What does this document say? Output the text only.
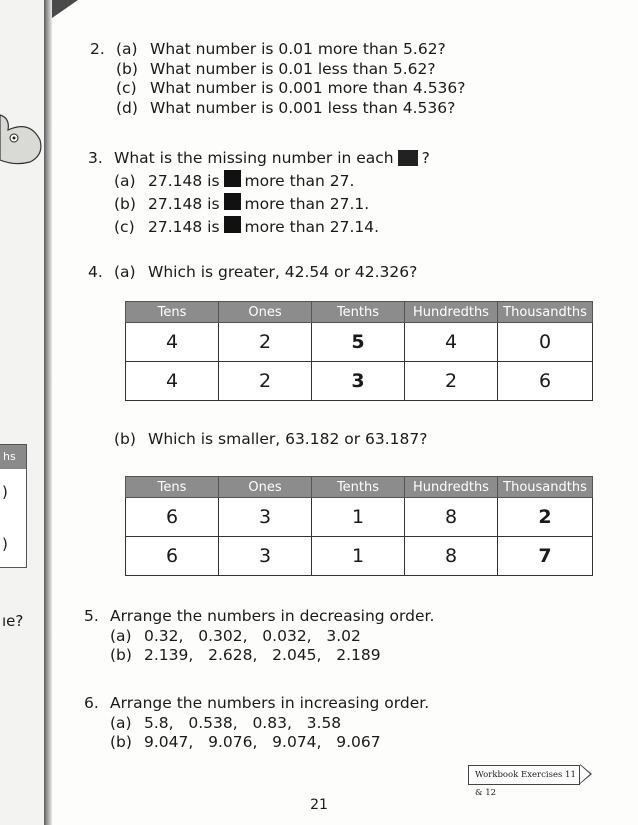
hs
)
)
ıe?
2. (a) What number is 0.01 more than 5.62?
(b) What number is 0.01 less than 5.62?
(c) What number is 0.001 more than 4.536?
(d) What number is 0.001 less than 4.536?
3. What is the missing number in each ?
(a) 27.148 is more than 27.
(b) 27.148 is more than 27.1.
(c) 27.148 is more than 27.14.
4. (a) Which is greater, 42.54 or 42.326?
Tens	Ones	Tenths	Hundredths	Thousandths
4	2	5	4	0
4	2	3	2	6
(b) Which is smaller, 63.182 or 63.187?
Tens	Ones	Tenths	Hundredths	Thousandths
6	3	1	8	2
6	3	1	8	7
5. Arrange the numbers in decreasing order.
(a) 0.32,   0.302,   0.032,   3.02
(b) 2.139,   2.628,   2.045,   2.189
6. Arrange the numbers in increasing order.
(a) 5.8,   0.538,   0.83,   3.58
(b) 9.047,   9.076,   9.074,   9.067
Workbook Exercises 11 & 12
21
